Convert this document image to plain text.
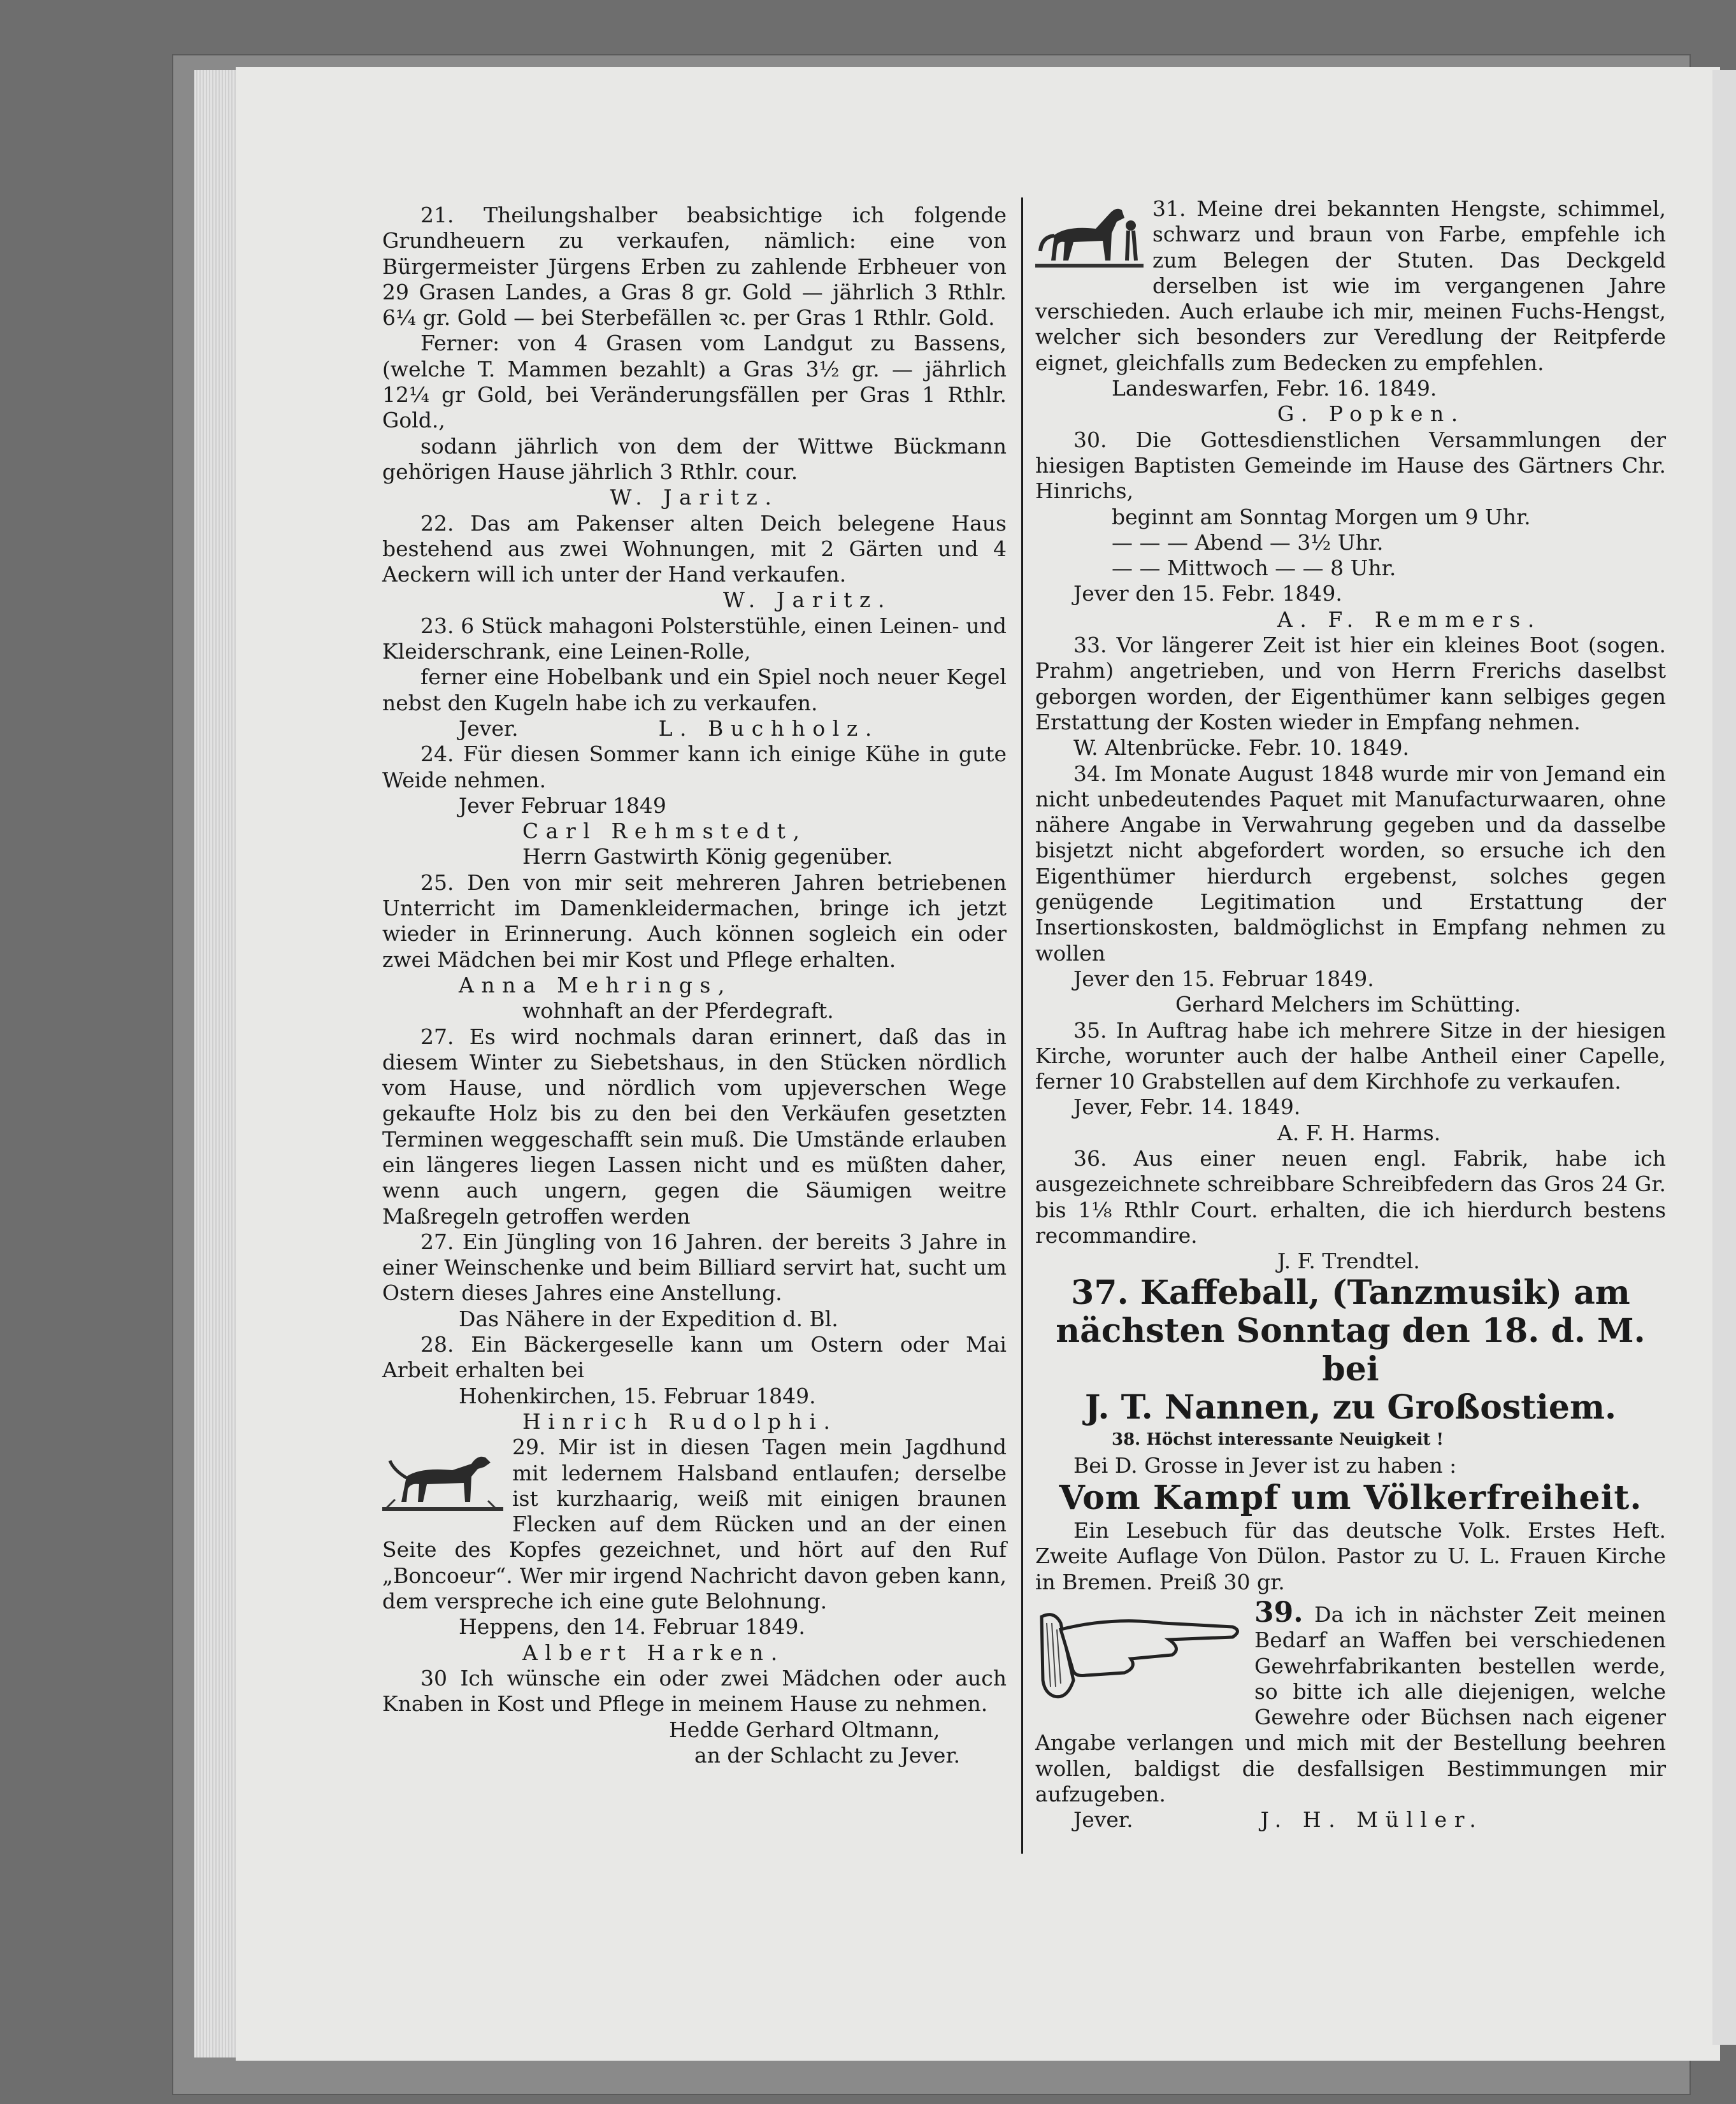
21. Theilungshalber beabsichtige ich folgende Grundheuern zu verkaufen, nämlich: eine von Bürgermeister Jürgens Erben zu zahlende Erbheuer von 29 Grasen Landes, a Gras 8 gr. Gold — jährlich 3 Rthlr. 6¼ gr. Gold — bei Sterbefällen ꝛc. per Gras 1 Rthlr. Gold.

Ferner: von 4 Grasen vom Landgut zu Bassens, (welche T. Mammen bezahlt) a Gras 3½ gr. — jährlich 12¼ gr Gold, bei Veränderungsfällen per Gras 1 Rthlr. Gold.,

sodann jährlich von dem der Wittwe Bückmann gehörigen Hause jährlich 3 Rthlr. cour.

W. Jaritz.

22. Das am Pakenser alten Deich belegene Haus bestehend aus zwei Wohnungen, mit 2 Gärten und 4 Aeckern will ich unter der Hand verkaufen.

W. Jaritz.

23. 6 Stück mahagoni Polsterstühle, einen Leinen- und Kleiderschrank, eine Leinen-Rolle,

ferner eine Hobelbank und ein Spiel noch neuer Kegel nebst den Kugeln habe ich zu verkaufen.

Jever.	L. Buchholz.

24. Für diesen Sommer kann ich einige Kühe in gute Weide nehmen.

Jever Februar 1849

Carl Rehmstedt,

Herrn Gastwirth König gegenüber.

25. Den von mir seit mehreren Jahren betriebenen Unterricht im Damenkleidermachen, bringe ich jetzt wieder in Erinnerung. Auch können sogleich ein oder zwei Mädchen bei mir Kost und Pflege erhalten.

Anna Mehrings,

wohnhaft an der Pferdegraft.

27. Es wird nochmals daran erinnert, daß das in diesem Winter zu Siebetshaus, in den Stücken nördlich vom Hause, und nördlich vom upjeverschen Wege gekaufte Holz bis zu den bei den Verkäufen gesetzten Terminen weggeschafft sein muß. Die Umstände erlauben ein längeres liegen Lassen nicht und es müßten daher, wenn auch ungern, gegen die Säumigen weitre Maßregeln getroffen werden

27. Ein Jüngling von 16 Jahren. der bereits 3 Jahre in einer Weinschenke und beim Billiard servirt hat, sucht um Ostern dieses Jahres eine Anstellung.

Das Nähere in der Expedition d. Bl.

28. Ein Bäckergeselle kann um Ostern oder Mai Arbeit erhalten bei

Hohenkirchen, 15. Februar 1849.

Hinrich Rudolphi.

29. Mir ist in diesen Tagen mein Jagdhund mit ledernem Halsband entlaufen; derselbe ist kurzhaarig, weiß mit einigen braunen Flecken auf dem Rücken und an der einen Seite des Kopfes gezeichnet, und hört auf den Ruf „Boncoeur“. Wer mir irgend Nachricht davon geben kann, dem verspreche ich eine gute Belohnung.

Heppens, den 14. Februar 1849.

Albert Harken.

30 Ich wünsche ein oder zwei Mädchen oder auch Knaben in Kost und Pflege in meinem Hause zu nehmen.

Hedde Gerhard Oltmann,

an der Schlacht zu Jever.

31. Meine drei bekannten Hengste, schimmel, schwarz und braun von Farbe, empfehle ich zum Belegen der Stuten. Das Deckgeld derselben ist wie im vergangenen Jahre verschieden. Auch erlaube ich mir, meinen Fuchs-Hengst, welcher sich besonders zur Veredlung der Reitpferde eignet, gleichfalls zum Bedecken zu empfehlen.

Landeswarfen, Febr. 16. 1849.

G. Popken.

30. Die Gottesdienstlichen Versammlungen der hiesigen Baptisten Gemeinde im Hause des Gärtners Chr. Hinrichs,

beginnt am Sonntag Morgen um 9 Uhr.

— — — Abend — 3½ Uhr.

— — Mittwoch — — 8 Uhr.

Jever den 15. Febr. 1849.

A. F. Remmers.

33. Vor längerer Zeit ist hier ein kleines Boot (sogen. Prahm) angetrieben, und von Herrn Frerichs daselbst geborgen worden, der Eigenthümer kann selbiges gegen Erstattung der Kosten wieder in Empfang nehmen.

W. Altenbrücke. Febr. 10. 1849.

34. Im Monate August 1848 wurde mir von Jemand ein nicht unbedeutendes Paquet mit Manufacturwaaren, ohne nähere Angabe in Verwahrung gegeben und da dasselbe bisjetzt nicht abgefordert worden, so ersuche ich den Eigenthümer hierdurch ergebenst, solches gegen genügende Legitimation und Erstattung der Insertionskosten, baldmöglichst in Empfang nehmen zu wollen

Jever den 15. Februar 1849.

Gerhard Melchers im Schütting.

35. In Auftrag habe ich mehrere Sitze in der hiesigen Kirche, worunter auch der halbe Antheil einer Capelle, ferner 10 Grabstellen auf dem Kirchhofe zu verkaufen.

Jever, Febr. 14. 1849.

A. F. H. Harms.

36. Aus einer neuen engl. Fabrik, habe ich ausgezeichnete schreibbare Schreibfedern das Gros 24 Gr. bis 1⅛ Rthlr Court. erhalten, die ich hierdurch bestens recommandire.

J. F. Trendtel.

37. Kaffeball, (Tanzmusik) am

nächsten Sonntag den 18. d. M. bei

J. T. Nannen, zu Großostiem.

38. Höchst interessante Neuigkeit !

Bei D. Grosse in Jever ist zu haben :

Vom Kampf um Völkerfreiheit.

Ein Lesebuch für das deutsche Volk. Erstes Heft. Zweite Auflage Von Dülon. Pastor zu U. L. Frauen Kirche in Bremen. Preiß 30 gr.

39. Da ich in nächster Zeit meinen Bedarf an Waffen bei verschiedenen Gewehrfabrikanten bestellen werde, so bitte ich alle diejenigen, welche Gewehre oder Büchsen nach eigener Angabe verlangen und mich mit der Bestellung beehren wollen, baldigst die desfallsigen Bestimmungen mir aufzugeben.

Jever.	J. H. Müller.
